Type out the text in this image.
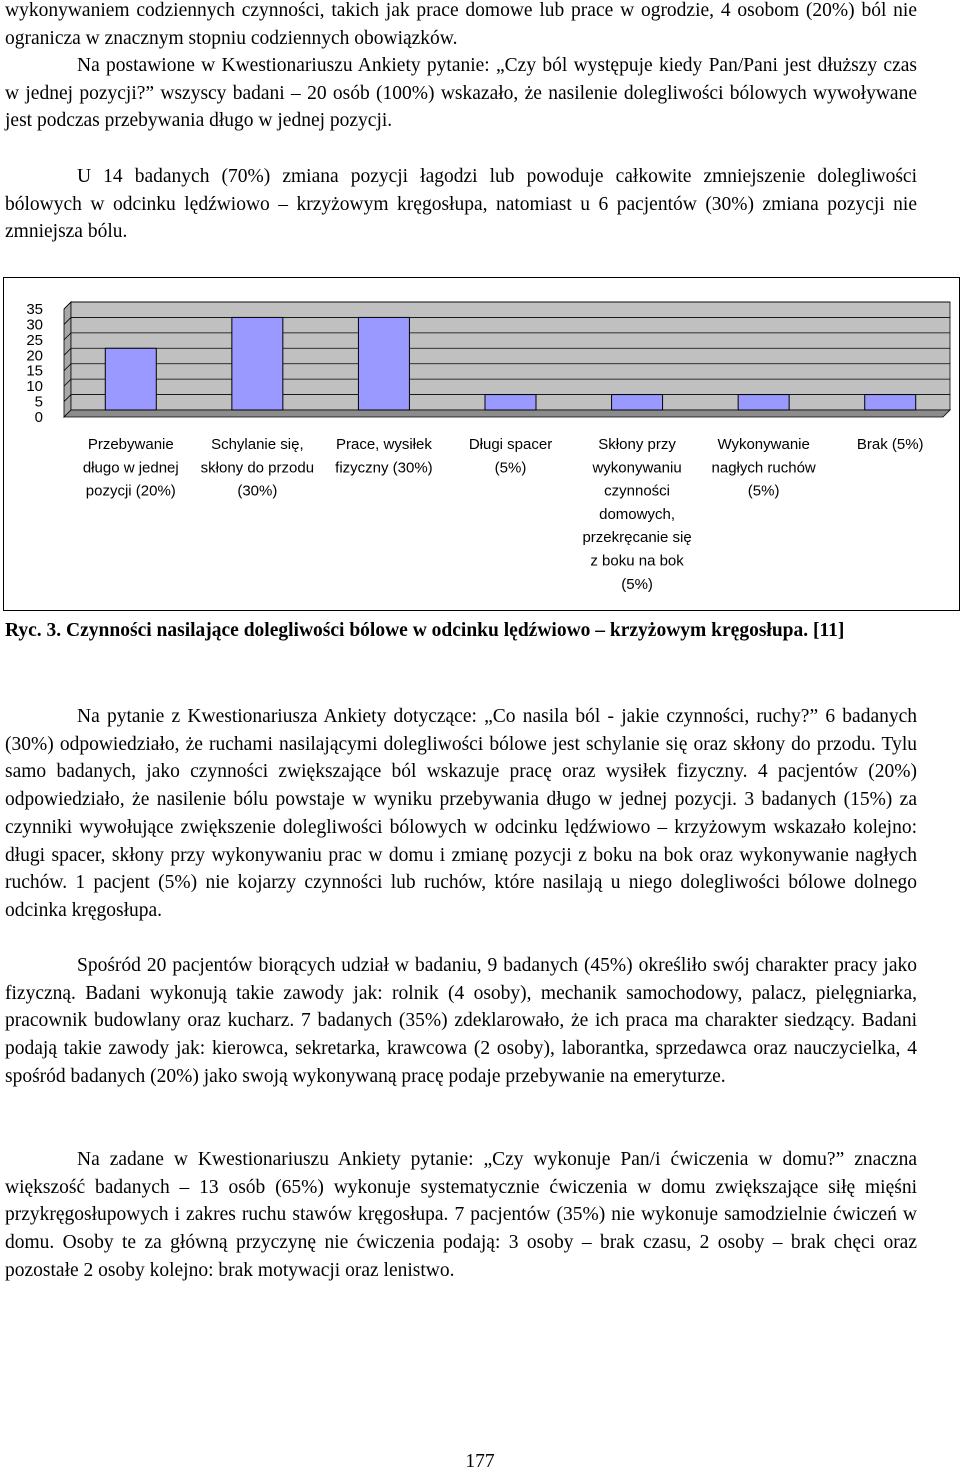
wykonywaniem codziennych czynności, takich jak prace domowe lub prace w ogrodzie, 4 osobom (20%) ból nie ogranicza w znacznym stopniu codziennych obowiązków.

Na postawione w Kwestionariuszu Ankiety pytanie: „Czy ból występuje kiedy Pan/Pani jest dłuższy czas w jednej pozycji?” wszyscy badani – 20 osób (100%) wskazało, że nasilenie dolegliwości bólowych wywoływane jest podczas przebywania długo w jednej pozycji.

U 14 badanych (70%) zmiana pozycji łagodzi lub powoduje całkowite zmniejszenie dolegliwości bólowych w odcinku lędźwiowo – krzyżowym kręgosłupa, natomiast u 6 pacjentów (30%) zmiana pozycji nie zmniejsza bólu.

35
30
25
20
15
10
5
0
Przebywanie długo w jednej pozycji (20%)
Schylanie się, skłony do przodu (30%)
Prace, wysiłek fizyczny (30%)
Długi spacer (5%)
Skłony przy wykonywaniu czynności domowych, przekręcanie się z boku na bok (5%)
Wykonywanie nagłych ruchów (5%)
Brak (5%)

Ryc. 3. Czynności nasilające dolegliwości bólowe w odcinku lędźwiowo – krzyżowym kręgosłupa. [11]

Na pytanie z Kwestionariusza Ankiety dotyczące: „Co nasila ból - jakie czynności, ruchy?” 6 badanych (30%) odpowiedziało, że ruchami nasilającymi dolegliwości bólowe jest schylanie się oraz skłony do przodu. Tylu samo badanych, jako czynności zwiększające ból wskazuje pracę oraz wysiłek fizyczny. 4 pacjentów (20%) odpowiedziało, że nasilenie bólu powstaje w wyniku przebywania długo w jednej pozycji. 3 badanych (15%) za czynniki wywołujące zwiększenie dolegliwości bólowych w odcinku lędźwiowo – krzyżowym wskazało kolejno: długi spacer, skłony przy wykonywaniu prac w domu i zmianę pozycji z boku na bok oraz wykonywanie nagłych ruchów. 1 pacjent (5%) nie kojarzy czynności lub ruchów, które nasilają u niego dolegliwości bólowe dolnego odcinka kręgosłupa.

Spośród 20 pacjentów biorących udział w badaniu, 9 badanych (45%) określiło swój charakter pracy jako fizyczną. Badani wykonują takie zawody jak: rolnik (4 osoby), mechanik samochodowy, palacz, pielęgniarka, pracownik budowlany oraz kucharz. 7 badanych (35%) zdeklarowało, że ich praca ma charakter siedzący. Badani podają takie zawody jak: kierowca, sekretarka, krawcowa (2 osoby), laborantka, sprzedawca oraz nauczycielka, 4 spośród badanych (20%) jako swoją wykonywaną pracę podaje przebywanie na emeryturze.

Na zadane w Kwestionariuszu Ankiety pytanie: „Czy wykonuje Pan/i ćwiczenia w domu?” znaczna większość badanych – 13 osób (65%) wykonuje systematycznie ćwiczenia w domu zwiększające siłę mięśni przykręgosłupowych i zakres ruchu stawów kręgosłupa. 7 pacjentów (35%) nie wykonuje samodzielnie ćwiczeń w domu. Osoby te za główną przyczynę nie ćwiczenia podają: 3 osoby – brak czasu, 2 osoby – brak chęci oraz pozostałe 2 osoby kolejno: brak motywacji oraz lenistwo.

177
